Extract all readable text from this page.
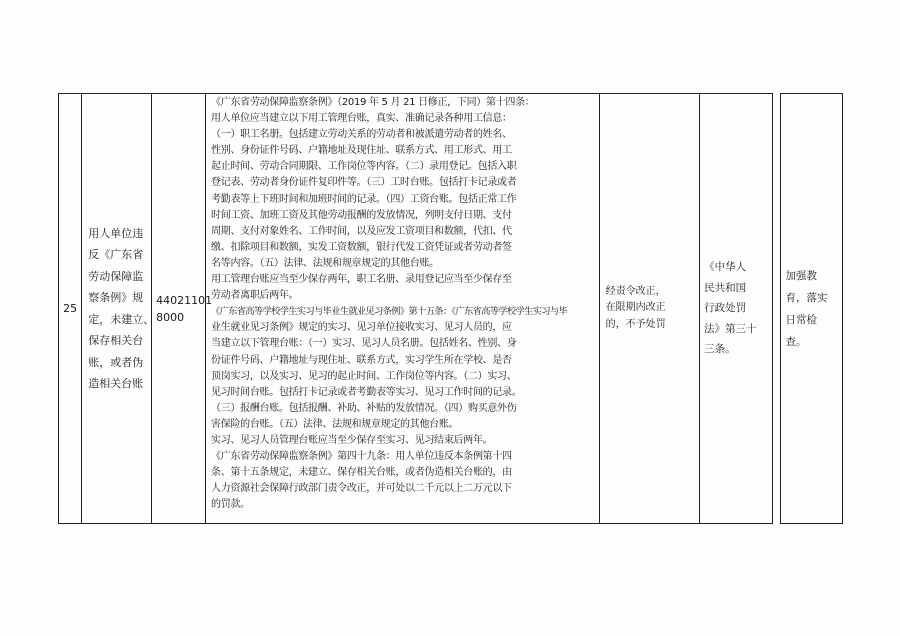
25	
用人单位违
反《广东省
劳动保障监
察条例》规
定，未建立、
保存相关台
账，或者伪
造相关台账

44021101
8000

《广东省劳动保障监察条例》（2019 年 5 月 21 日修正，下同）第十四条：
用人单位应当建立以下用工管理台账，真实、准确记录各种用工信息：
（一）职工名册。包括建立劳动关系的劳动者和被派遣劳动者的姓名、
性别、身份证件号码、户籍地址及现住址、联系方式、用工形式、用工
起止时间、劳动合同期限、工作岗位等内容。（二）录用登记。包括入职
登记表、劳动者身份证件复印件等。（三）工时台账。包括打卡记录或者
考勤表等上下班时间和加班时间的记录。（四）工资台账。包括正常工作
时间工资、加班工资及其他劳动报酬的发放情况，列明支付日期、支付
周期、支付对象姓名、工作时间，以及应发工资项目和数额，代扣、代
缴、扣除项目和数额，实发工资数额，银行代发工资凭证或者劳动者签
名等内容。（五）法律、法规和规章规定的其他台账。
用工管理台账应当至少保存两年，职工名册、录用登记应当至少保存至
劳动者离职后两年。
《广东省高等学校学生实习与毕业生就业见习条例》第十五条：《广东省高等学校学生实习与毕
业生就业见习条例》规定的实习、见习单位接收实习、见习人员的，应
当建立以下管理台账：（一）实习、见习人员名册。包括姓名、性别、身
份证件号码、户籍地址与现住址、联系方式，实习学生所在学校、是否
顶岗实习，以及实习、见习的起止时间、工作岗位等内容。（二）实习、
见习时间台账。包括打卡记录或者考勤表等实习、见习工作时间的记录。
（三）报酬台账。包括报酬、补助、补贴的发放情况。（四）购买意外伤
害保险的台账。（五）法律、法规和规章规定的其他台账。
实习、见习人员管理台账应当至少保存至实习、见习结束后两年。
《广东省劳动保障监察条例》第四十九条：用人单位违反本条例第十四
条、第十五条规定，未建立、保存相关台账，或者伪造相关台账的，由
人力资源社会保障行政部门责令改正，并可处以二千元以上二万元以下
的罚款。

经责令改正，
在限期内改正
的，不予处罚

《中华人
民共和国
行政处罚
法》第三十
三条。

加强教
育，落实
日常检
查。
